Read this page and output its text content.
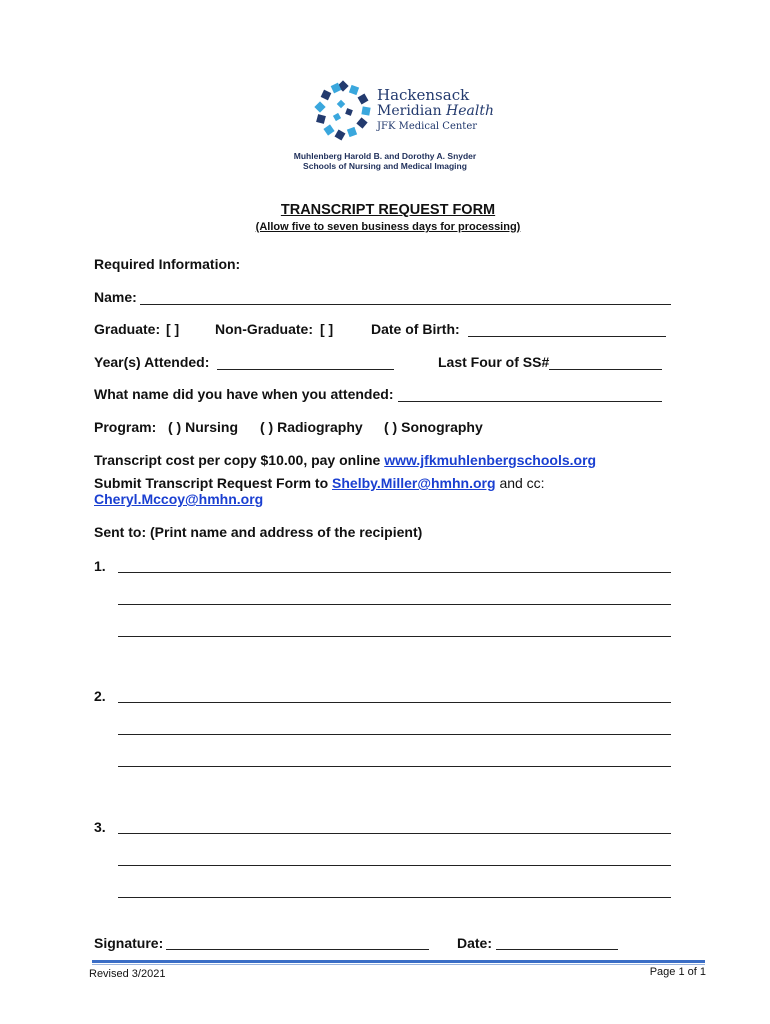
Hackensack
Meridian Health
JFK Medical Center
Muhlenberg Harold B. and Dorothy A. Snyder
Schools of Nursing and Medical Imaging
TRANSCRIPT REQUEST FORM
(Allow five to seven business days for processing)
Required Information:
Name:
Graduate: [ ]	Non-Graduate: [ ]	Date of Birth:
Year(s) Attended:	Last Four of SS#
What name did you have when you attended:
Program: ( ) Nursing ( ) Radiography ( ) Sonography
Transcript cost per copy $10.00, pay online www.jfkmuhlenbergschools.org
Submit Transcript Request Form to Shelby.Miller@hmhn.org and cc:
Cheryl.Mccoy@hmhn.org
Sent to: (Print name and address of the recipient)
1.
2.
3.
Signature:	Date:
Revised 3/2021	Page 1 of 1
